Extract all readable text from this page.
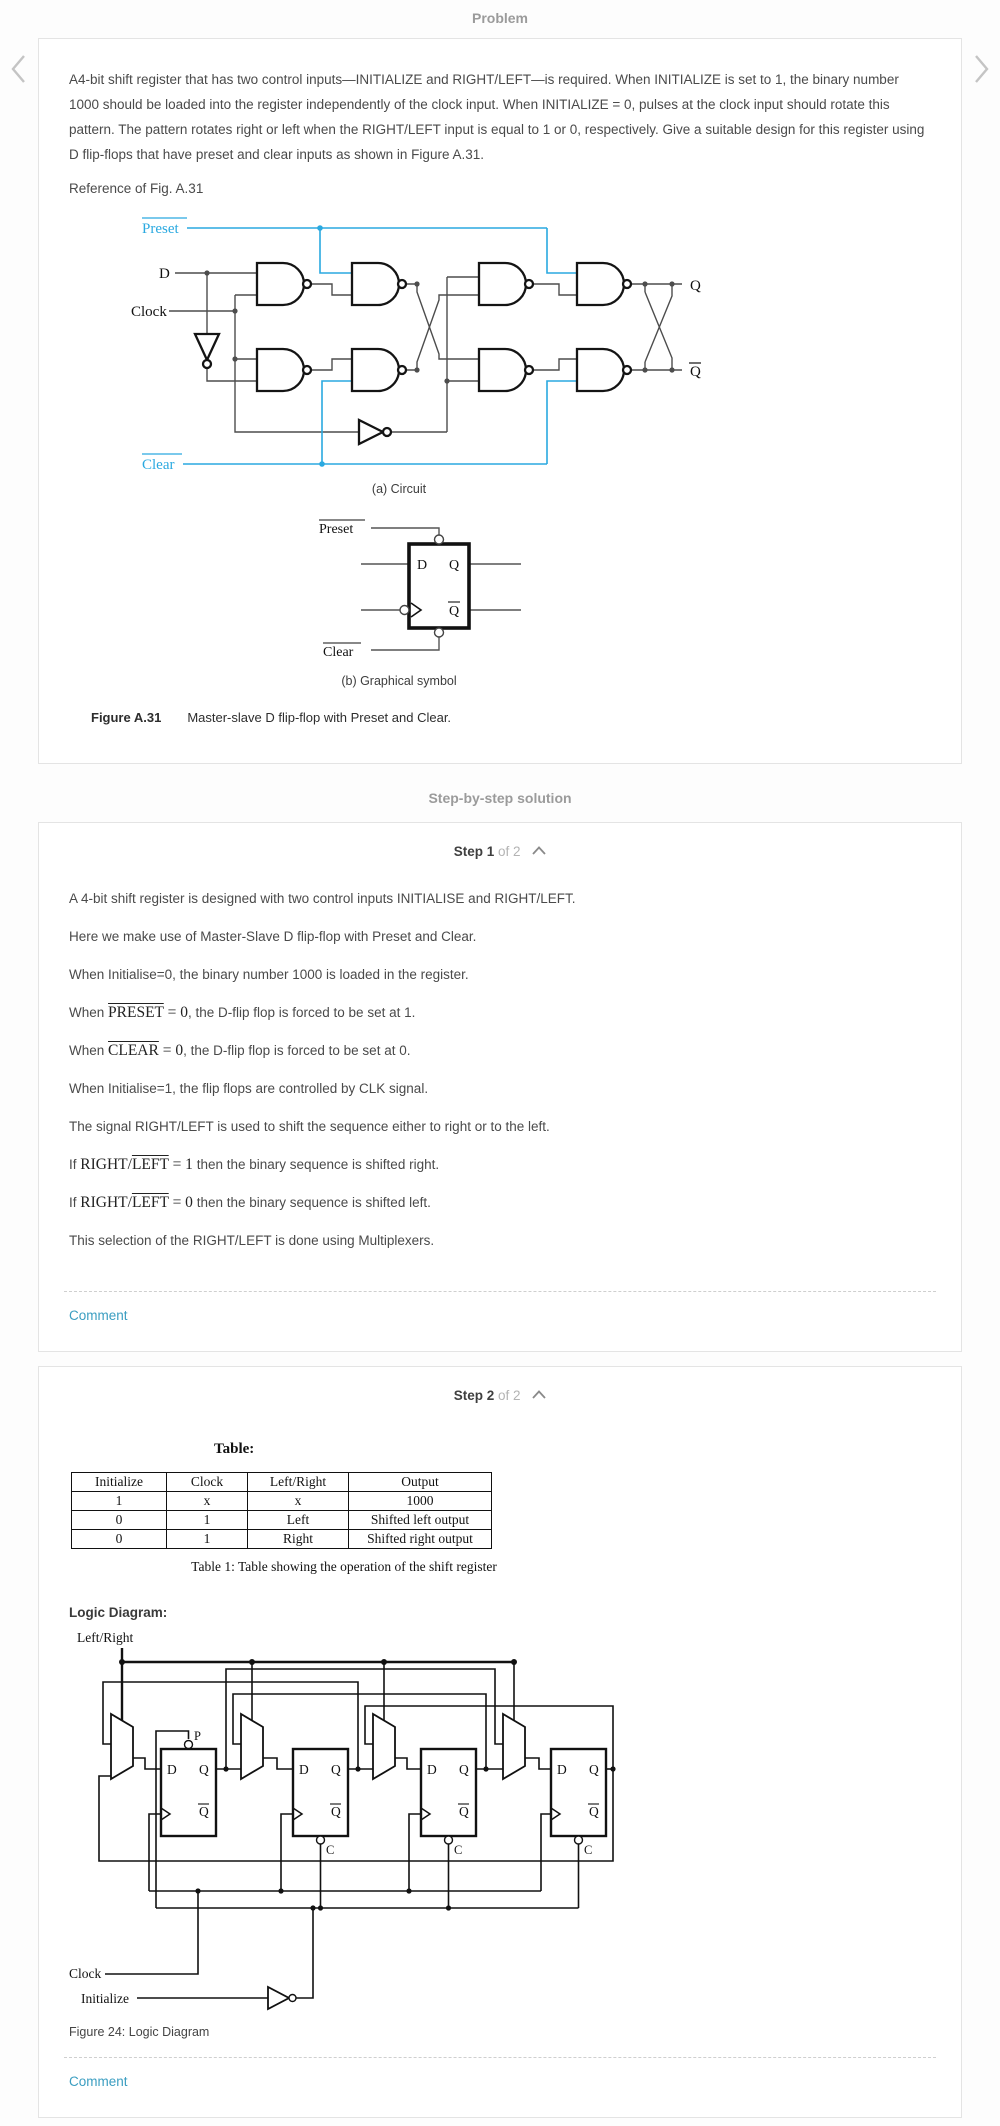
Problem

A4-bit shift register that has two control inputs—INITIALIZE and RIGHT/LEFT—is required. When INITIALIZE is set to 1, the binary number 1000 should be loaded into the register independently of the clock input. When INITIALIZE = 0, pulses at the clock input should rotate this pattern. The pattern rotates right or left when the RIGHT/LEFT input is equal to 1 or 0, respectively. Give a suitable design for this register using D flip-flops that have preset and clear inputs as shown in Figure A.31.

Reference of Fig. A.31

Preset
Clear
D
Clock
Q
Q
(a) Circuit
Preset
Clear
D Q
Q
(b) Graphical symbol
Figure A.31 Master-slave D flip-flop with Preset and Clear.
Step-by-step solution
Step 1 of 2

A 4-bit shift register is designed with two control inputs INITIALISE and RIGHT/LEFT.

Here we make use of Master-Slave D flip-flop with Preset and Clear.

When Initialise=0, the binary number 1000 is loaded in the register.

When PRESET = 0, the D-flip flop is forced to be set at 1.

When CLEAR = 0, the D-flip flop is forced to be set at 0.

When Initialise=1, the flip flops are controlled by CLK signal.

The signal RIGHT/LEFT is used to shift the sequence either to right or to the left.

If RIGHT/LEFT = 1 then the binary sequence is shifted right.

If RIGHT/LEFT = 0 then the binary sequence is shifted left.

This selection of the RIGHT/LEFT is done using Multiplexers.

Comment
Step 2 of 2
Table:
Initialize	Clock	Left/Right	Output
1	x	x	1000
0	1	Left	Shifted left output
0	1	Right	Shifted right output
Table 1: Table showing the operation of the shift register
Logic Diagram:
Left/Right
Clock
Initialize
P
C	C	C
D Q
Q
D Q
Q
D Q
Q
D Q
Q
Figure 24: Logic Diagram
Comment
